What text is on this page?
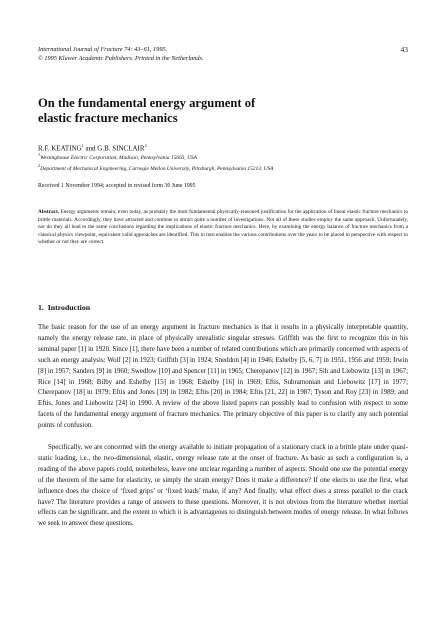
International Journal of Fracture 74: 43–61, 1995.
© 1995 Kluwer Academic Publishers. Printed in the Netherlands.
43
On the fundamental energy argument of
elastic fracture mechanics
R.F. KEATING$^1$ and G.B. SINCLAIR$^2$
$^1$Westinghouse Electric Corporation, Madison, Pennsylvania 15663, USA
$^2$Department of Mechanical Engineering, Carnegie Mellon University, Pittsburgh, Pennsylvania 15213, USA
Received 1 November 1994; accepted in revised form 30 June 1995
Abstract. Energy arguments remain, even today, as probably the most fundamental physically-reasoned justification for the application of linear elastic fracture mechanics to brittle materials. Accordingly, they have attracted and continue to attract quite a number of investigations. Not all of these studies employ the same approach. Unfortunately, nor do they all lead to the same conclusions regarding the implications of elastic fracture mechanics. Here, by examining the energy balance of fracture mechanics from a classical physics viewpoint, equivalent valid approaches are identified. This in turn enables the various contributions over the years to be placed in perspective with respect to whether or not they are correct.
1. Introduction
The basic reason for the use of an energy argument in fracture mechanics is that it results in a physically interpretable quantity, namely the energy release rate, in place of physically unrealistic singular stresses. Griffith was the first to recognize this in his seminal paper [1] in 1920. Since [1], there have been a number of related contributions which are primarily concerned with aspects of such an energy analysis: Wolf [2] in 1923; Griffith [3] in 1924; Sneddon [4] in 1946; Eshelby [5, 6, 7] in 1951, 1956 and 1959; Irwin [8] in 1957; Sanders [9] in 1960; Swedlow [10] and Spencer [11] in 1965; Cherepanov [12] in 1967; Sih and Liebowitz [13] in 1967; Rice [14] in 1968; Bilby and Eshelby [15] in 1968; Eshelby [16] in 1969; Eftis, Subramonian and Liebowitz [17] in 1977; Cherepanov [18] in 1979; Eftis and Jones [19] in 1982; Eftis [20] in 1984; Eftis [21, 22] in 1987; Tyson and Roy [23] in 1989; and Eftis, Jones and Liebowitz [24] in 1990. A review of the above listed papers can possibly lead to confusion with respect to some facets of the fundamental energy argument of fracture mechanics. The primary objective of this paper is to clarify any such potential points of confusion.
Specifically, we are concerned with the energy available to initiate propagation of a stationary crack in a brittle plate under quasi-static loading, i.e., the two-dimensional, elastic, energy release rate at the onset of fracture. As basic as such a configuration is, a reading of the above papers could, nonetheless, leave one unclear regarding a number of aspects. Should one use the potential energy of the theorem of the same for elasticity, or simply the strain energy? Does it make a difference? If one elects to use the first, what influence does the choice of ‘fixed grips’ or ‘fixed loads’ make, if any? And finally, what effect does a stress parallel to the crack have? The literature provides a range of answers to these questions. Moreover, it is not obvious from the literature whether inertial effects can be significant, and the extent to which it is advantageous to distinguish between modes of energy release. In what follows we seek to answer these questions.
